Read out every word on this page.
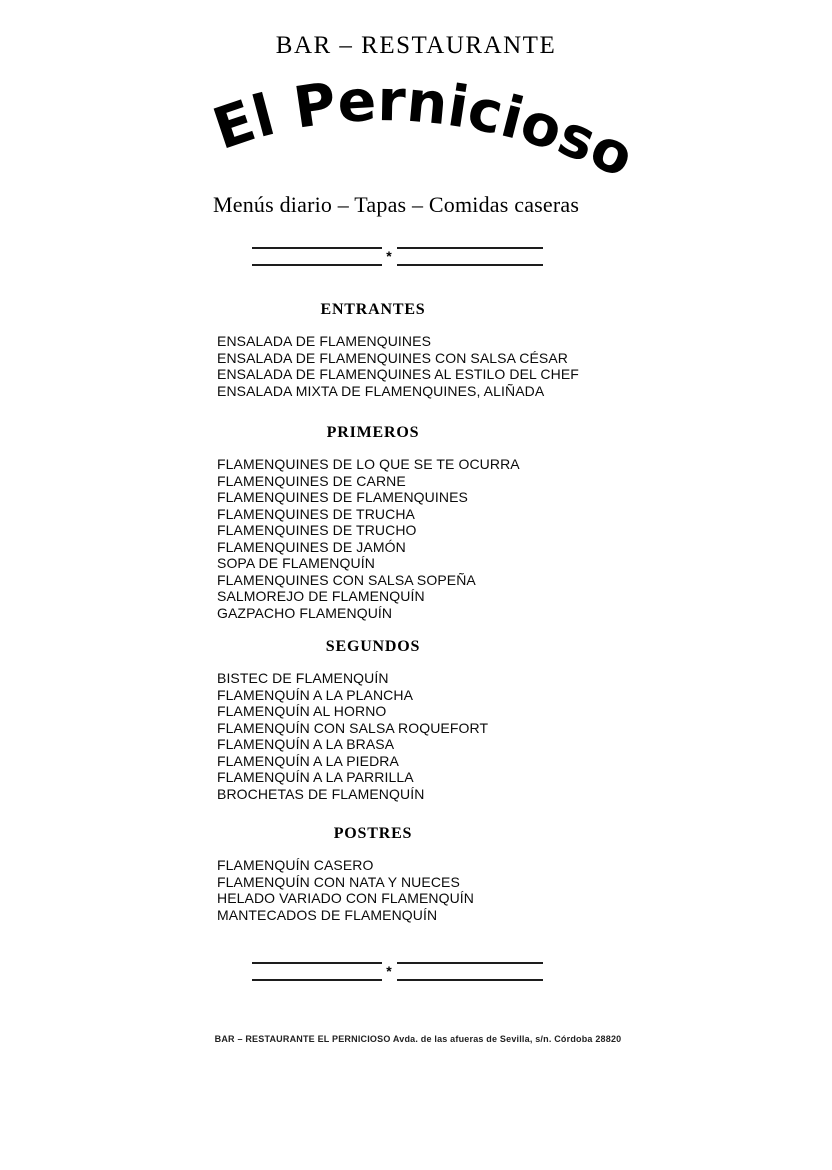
BAR – RESTAURANTE
El Pernicioso
Menús diario – Tapas – Comidas caseras
*
ENTRANTES
ENSALADA DE FLAMENQUINES
ENSALADA DE FLAMENQUINES CON SALSA CÉSAR
ENSALADA DE FLAMENQUINES AL ESTILO DEL CHEF
ENSALADA MIXTA DE FLAMENQUINES, ALIÑADA
PRIMEROS
FLAMENQUINES DE LO QUE SE TE OCURRA
FLAMENQUINES DE CARNE
FLAMENQUINES DE FLAMENQUINES
FLAMENQUINES DE TRUCHA
FLAMENQUINES DE TRUCHO
FLAMENQUINES DE JAMÓN
SOPA DE FLAMENQUÍN
FLAMENQUINES CON SALSA SOPEÑA
SALMOREJO DE FLAMENQUÍN
GAZPACHO FLAMENQUÍN
SEGUNDOS
BISTEC DE FLAMENQUÍN
FLAMENQUÍN A LA PLANCHA
FLAMENQUÍN AL HORNO
FLAMENQUÍN CON SALSA ROQUEFORT
FLAMENQUÍN A LA BRASA
FLAMENQUÍN A LA PIEDRA
FLAMENQUÍN A LA PARRILLA
BROCHETAS DE FLAMENQUÍN
POSTRES
FLAMENQUÍN CASERO
FLAMENQUÍN CON NATA Y NUECES
HELADO VARIADO CON FLAMENQUÍN
MANTECADOS DE FLAMENQUÍN
*
BAR – RESTAURANTE EL PERNICIOSO Avda. de las afueras de Sevilla, s/n. Córdoba 28820
